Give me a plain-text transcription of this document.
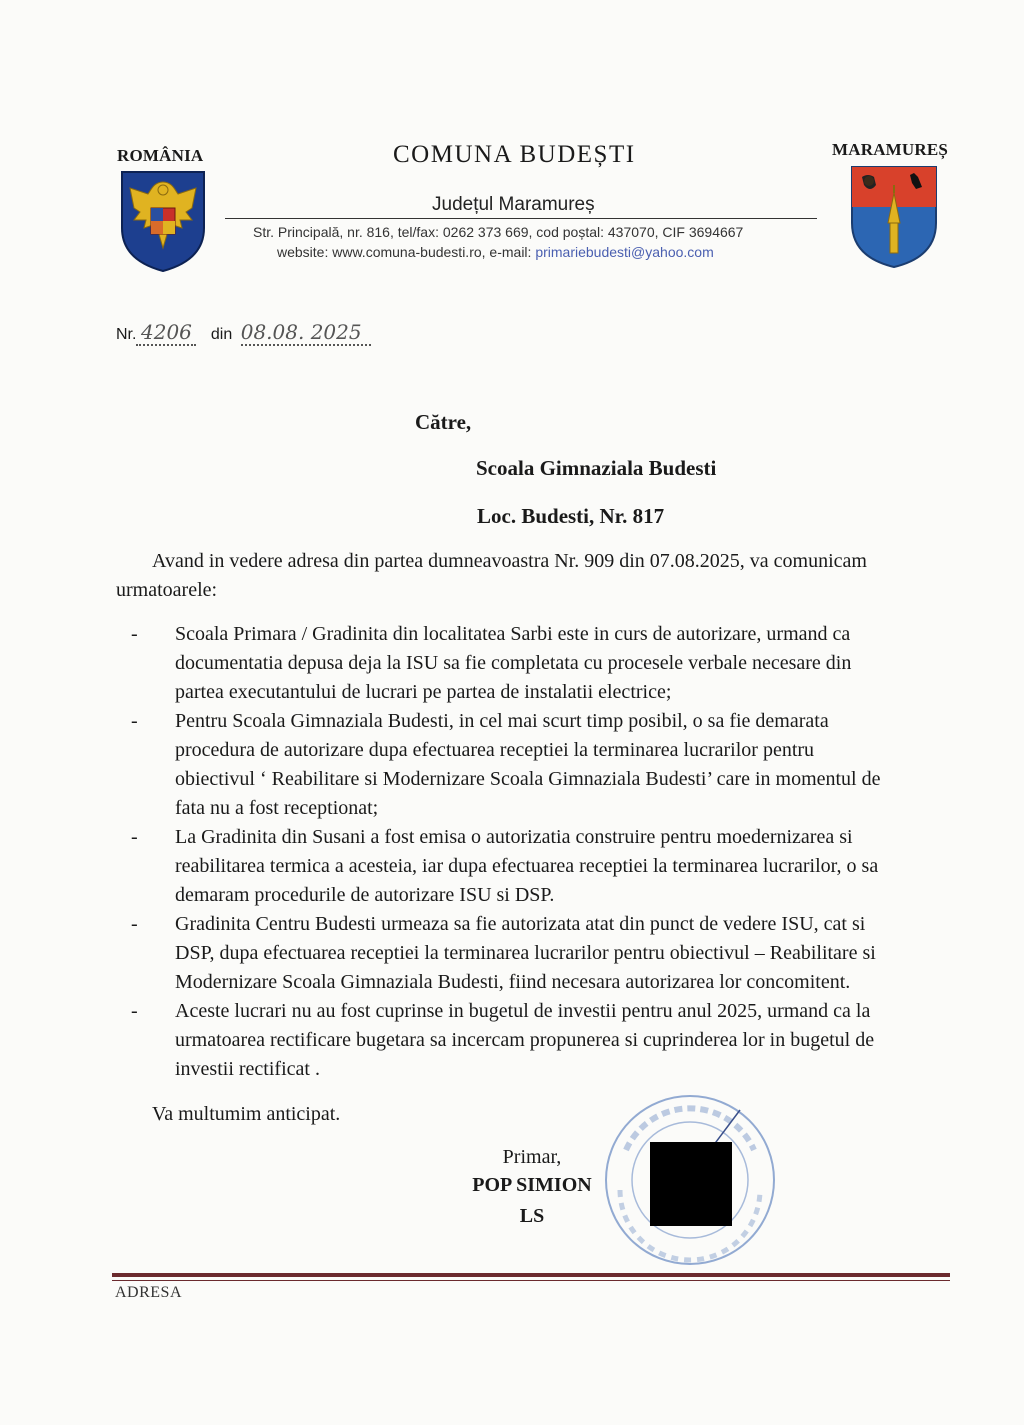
ROMÂNIA	COMUNA BUDEȘTI
Județul Maramureș
Str. Principală, nr. 816, tel/fax: 0262 373 669, cod poștal: 437070, CIF 3694667
website: www.comuna-budesti.ro, e-mail: primariebudesti@yahoo.com
MARAMUREȘ
Nr. 4206 din 08.08. 2025
Către,
Scoala Gimnaziala Budesti
Loc. Budesti, Nr. 817
Avand in vedere adresa din partea dumneavoastra Nr. 909 din 07.08.2025, va comunicam
urmatoarele:
-	Scoala Primara / Gradinita din localitatea Sarbi este in curs de autorizare, urmand ca
documentatia depusa deja la ISU sa fie completata cu procesele verbale necesare din
partea executantului de lucrari pe partea de instalatii electrice;
-	Pentru Scoala Gimnaziala Budesti, in cel mai scurt timp posibil, o sa fie demarata
procedura de autorizare dupa efectuarea receptiei la terminarea lucrarilor pentru
obiectivul ‘ Reabilitare si Modernizare Scoala Gimnaziala Budesti’ care in momentul de
fata nu a fost receptionat;
-	La Gradinita din Susani a fost emisa o autorizatia construire pentru moedernizarea si
reabilitarea termica a acesteia, iar dupa efectuarea receptiei la terminarea lucrarilor, o sa
demaram procedurile de autorizare ISU si DSP.
-	Gradinita Centru Budesti urmeaza sa fie autorizata atat din punct de vedere ISU, cat si
DSP, dupa efectuarea receptiei la terminarea lucrarilor pentru obiectivul – Reabilitare si
Modernizare Scoala Gimnaziala Budesti, fiind necesara autorizarea lor concomitent.
-	Aceste lucrari nu au fost cuprinse in bugetul de investii pentru anul 2025, urmand ca la
urmatoarea rectificare bugetara sa incercam propunerea si cuprinderea lor in bugetul de
investii rectificat .
Va multumim anticipat.
Primar,
POP SIMION
LS
ADRESA
